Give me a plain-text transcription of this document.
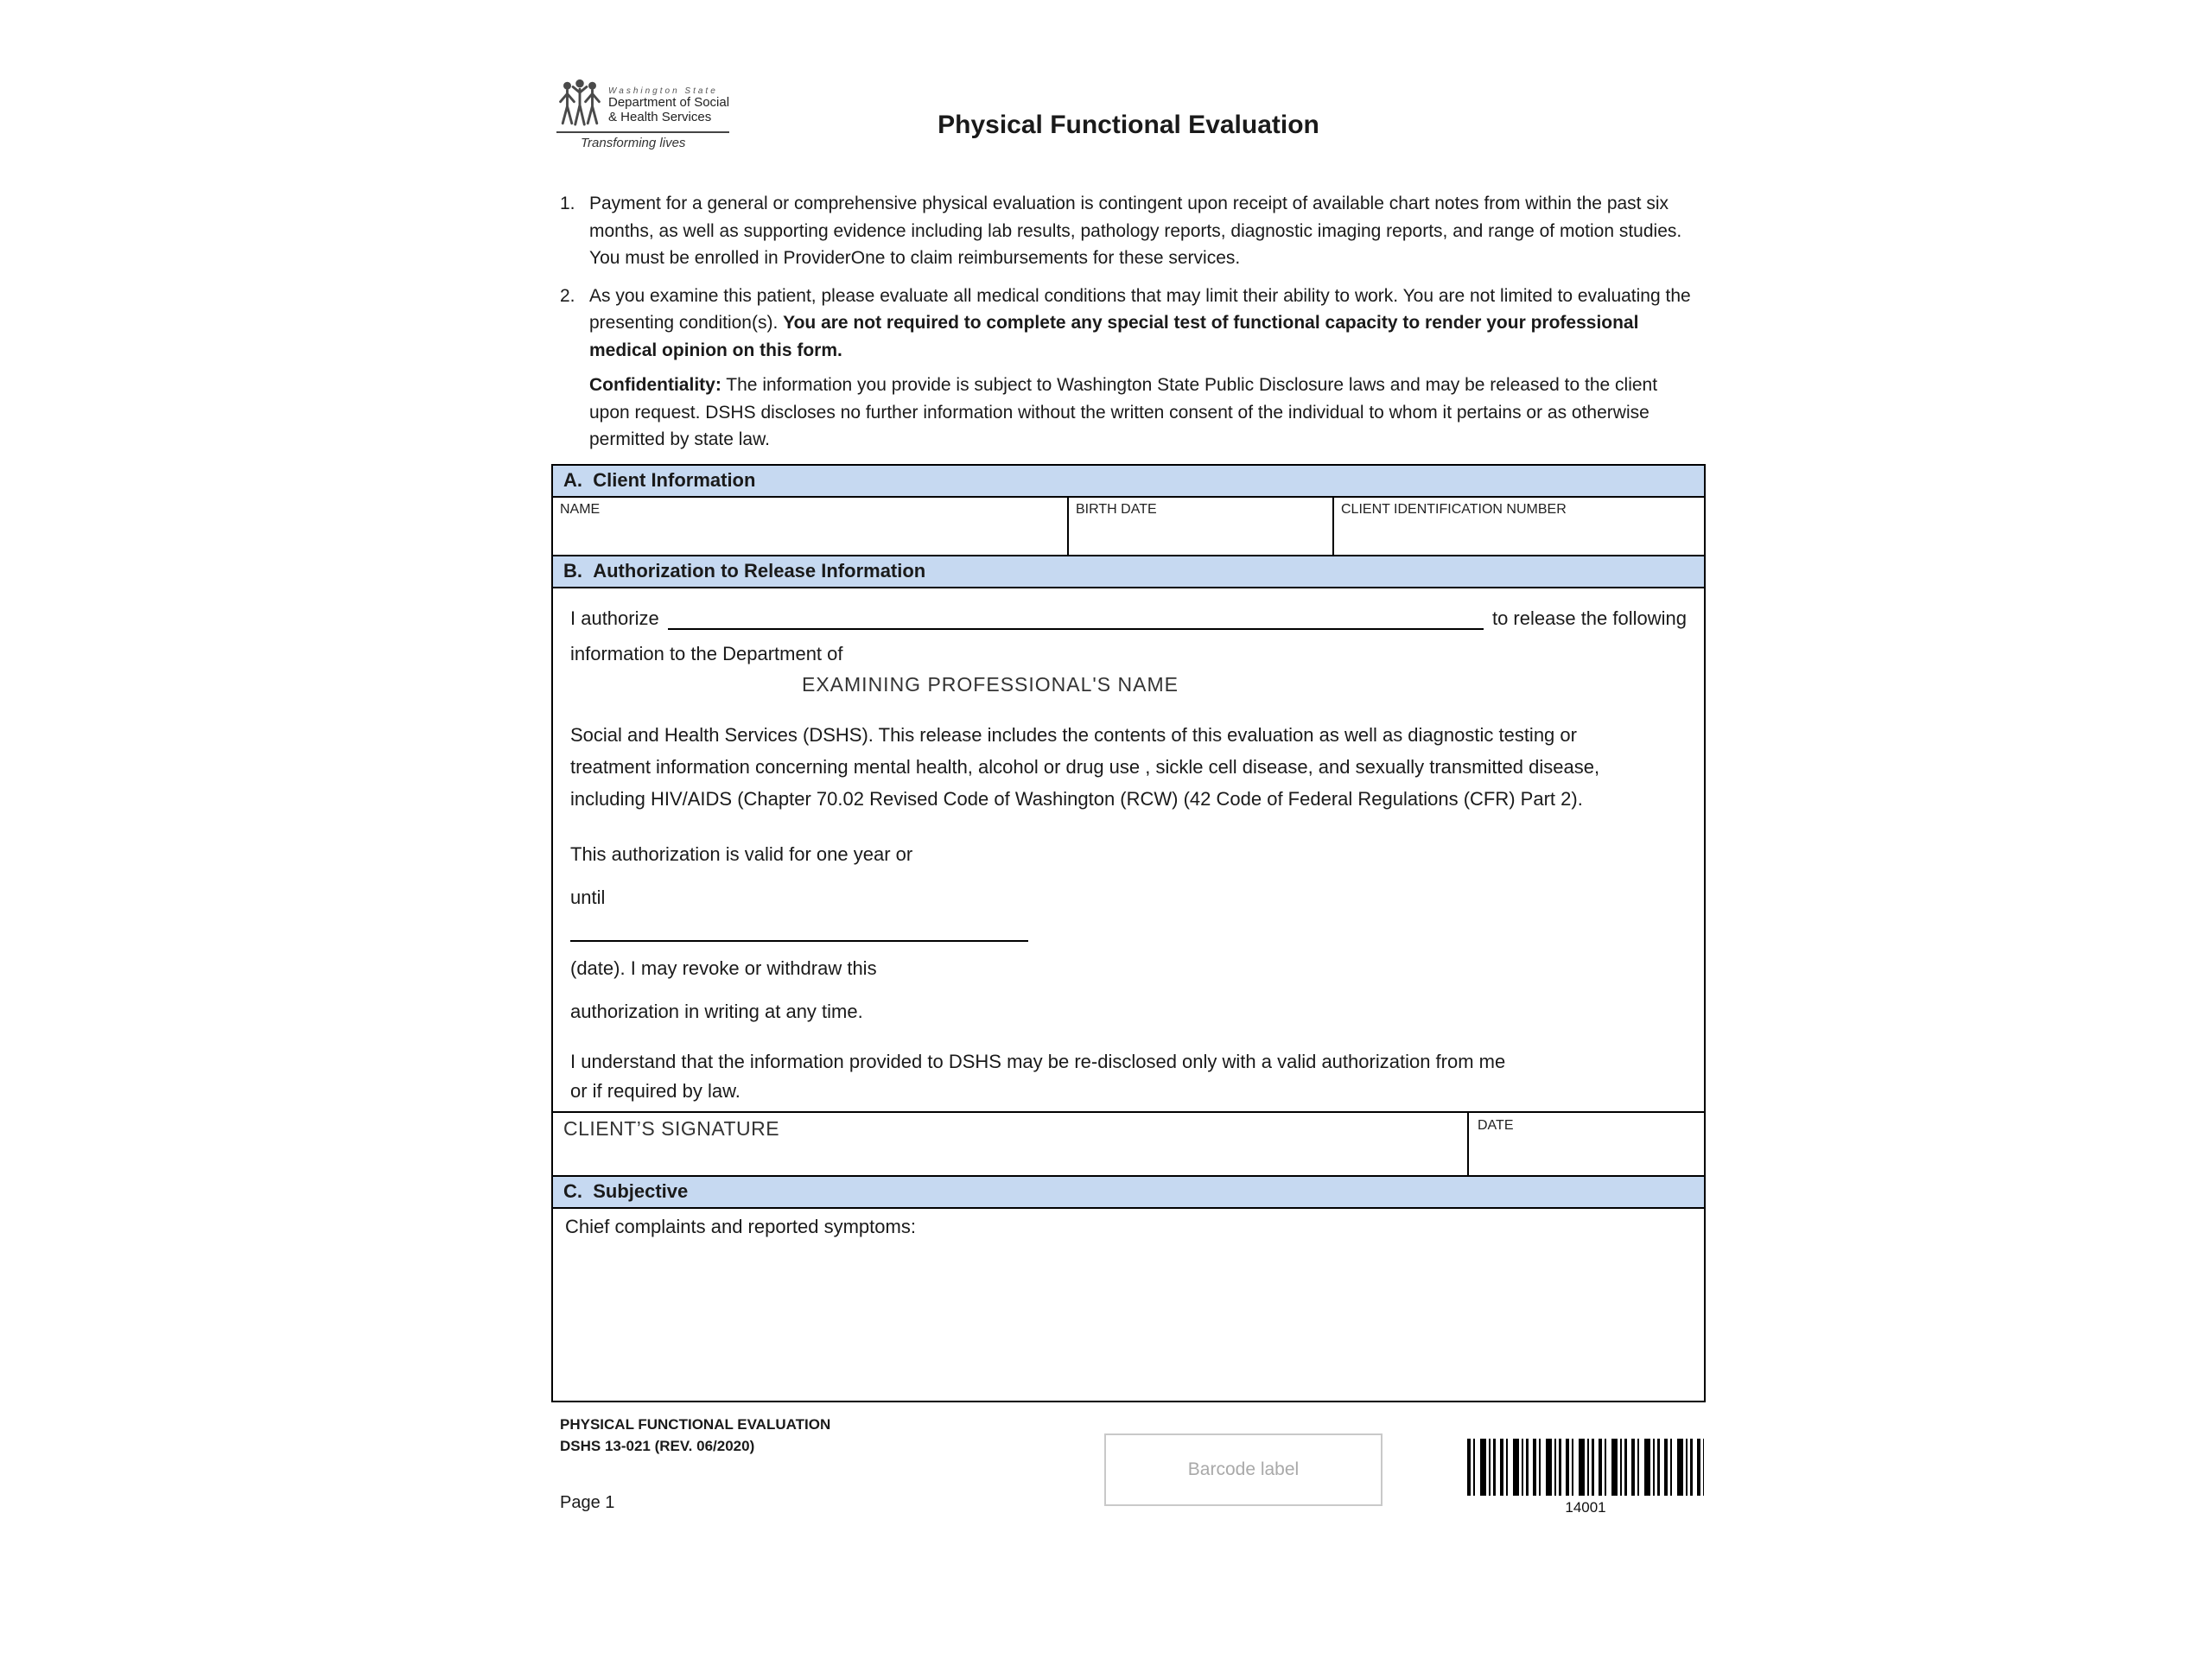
Washington State
Department of Social
& Health Services
Transforming lives
Physical Functional Evaluation
1. Payment for a general or comprehensive physical evaluation is contingent upon receipt of available chart notes from within the past six months, as well as supporting evidence including lab results, pathology reports, diagnostic imaging reports, and range of motion studies. You must be enrolled in ProviderOne to claim reimbursements for these services.
2. As you examine this patient, please evaluate all medical conditions that may limit their ability to work. You are not limited to evaluating the presenting condition(s). You are not required to complete any special test of functional capacity to render your professional medical opinion on this form.
Confidentiality: The information you provide is subject to Washington State Public Disclosure laws and may be released to the client upon request. DSHS discloses no further information without the written consent of the individual to whom it pertains or as otherwise permitted by state law.
A.  Client Information
NAME	BIRTH DATE	CLIENT IDENTIFICATION NUMBER
B.  Authorization to Release Information
I authorize	to release the following
information to the Department of
EXAMINING PROFESSIONAL'S NAME
Social and Health Services (DSHS). This release includes the contents of this evaluation as well as diagnostic testing or treatment information concerning mental health, alcohol or drug use , sickle cell disease, and sexually transmitted disease, including HIV/AIDS (Chapter 70.02 Revised Code of Washington (RCW) (42 Code of Federal Regulations (CFR) Part 2).
This authorization is valid for one year or
until
(date). I may revoke or withdraw this
authorization in writing at any time.
I understand that the information provided to DSHS may be re-disclosed only with a valid authorization from me or if required by law.
CLIENT’S SIGNATURE	DATE
C.  Subjective
Chief complaints and reported symptoms:
PHYSICAL FUNCTIONAL EVALUATION
DSHS 13-021 (REV. 06/2020)
Page 1
Barcode label
14001
